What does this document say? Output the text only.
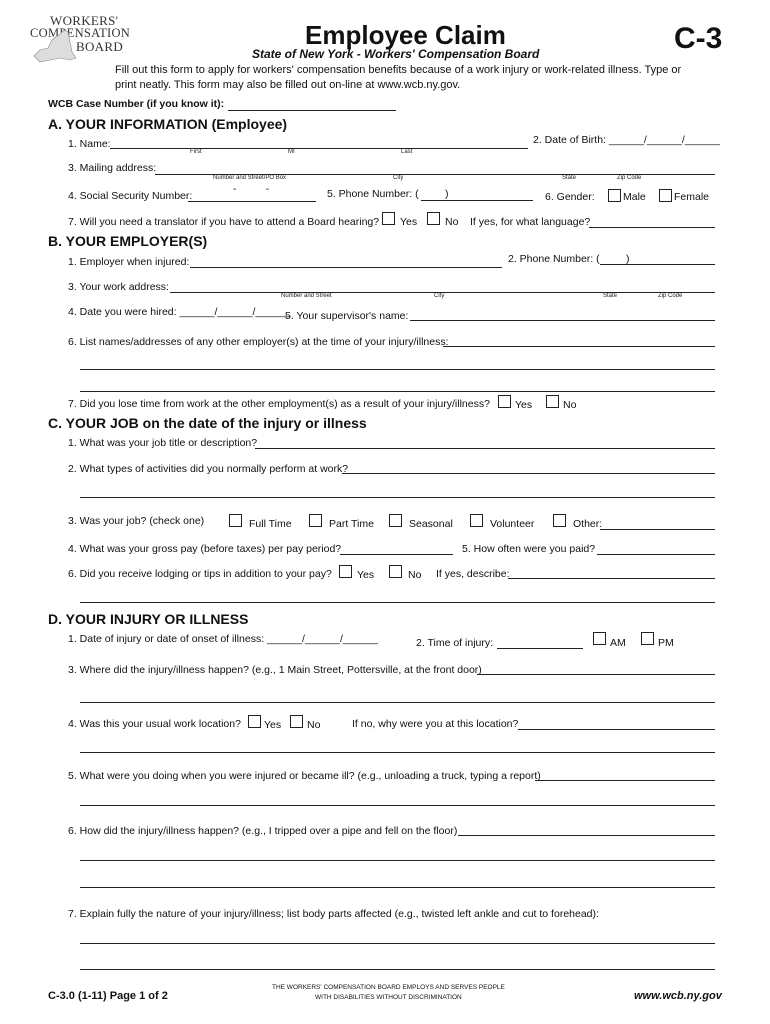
WORKERS'
COMPENSATION
BOARD	Employee Claim	C-3
State of New York - Workers' Compensation Board
Fill out this form to apply for workers' compensation benefits because of a work injury or work-related illness. Type or
print neatly. This form may also be filled out on-line at www.wcb.ny.gov.
WCB Case Number (if you know it):
A. YOUR INFORMATION (Employee)
1. Name:
First	MI	Last
2. Date of Birth: ______/______/______
3. Mailing address:
Number and Street/PO Box	City	State	Zip Code
4. Social Security Number:
-          -	5. Phone Number: (	)	6. Gender:	Male	Female
7. Will you need a translator if you have to attend a Board hearing? Yes	No If yes, for what language?
B. YOUR EMPLOYER(S)
1. Employer when injured:	2. Phone Number: (	)
3. Your work address:
Number and Street	City	State	Zip Code
4. Date you were hired: ______/______/______
5. Your supervisor's name:
6. List names/addresses of any other employer(s) at the time of your injury/illness:
7. Did you lose time from work at the other employment(s) as a result of your injury/illness? Yes	No
C. YOUR JOB on the date of the injury or illness
1. What was your job title or description?
2. What types of activities did you normally perform at work?
3. Was your job? (check one)	Full Time	Part Time	Seasonal	Volunteer	Other:
4. What was your gross pay (before taxes) per pay period?	5. How often were you paid?
6. Did you receive lodging or tips in addition to your pay? Yes	No If yes, describe:
D. YOUR INJURY OR ILLNESS
1. Date of injury or date of onset of illness: ______/______/______	2. Time of injury:	AM	PM
3. Where did the injury/illness happen? (e.g., 1 Main Street, Pottersville, at the front door)
4. Was this your usual work location? Yes No	If no, why were you at this location?
5. What were you doing when you were injured or became ill? (e.g., unloading a truck, typing a report)
6. How did the injury/illness happen? (e.g., I tripped over a pipe and fell on the floor)
7. Explain fully the nature of your injury/illness; list body parts affected (e.g., twisted left ankle and cut to forehead):
C-3.0 (1-11) Page 1 of 2
THE WORKERS' COMPENSATION BOARD EMPLOYS AND SERVES PEOPLE
WITH DISABILITIES WITHOUT DISCRIMINATION	www.wcb.ny.gov
